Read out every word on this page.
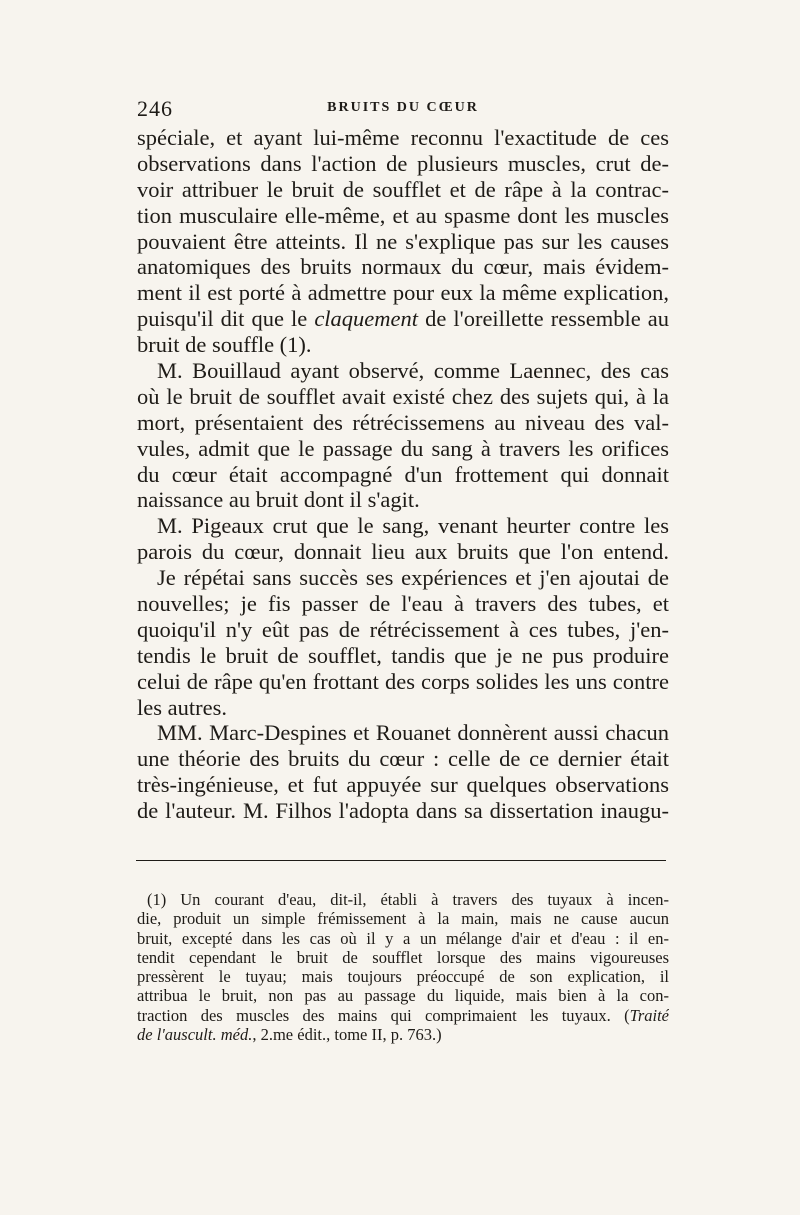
246	BRUITS DU CŒUR

spéciale, et ayant lui-même reconnu l'exactitude de ces
observations dans l'action de plusieurs muscles, crut de-
voir attribuer le bruit de soufflet et de râpe à la contrac-
tion musculaire elle-même, et au spasme dont les muscles
pouvaient être atteints. Il ne s'explique pas sur les causes
anatomiques des bruits normaux du cœur, mais évidem-
ment il est porté à admettre pour eux la même explication,
puisqu'il dit que le claquement de l'oreillette ressemble au
bruit de souffle (1).

M. Bouillaud ayant observé, comme Laennec, des cas
où le bruit de soufflet avait existé chez des sujets qui, à la
mort, présentaient des rétrécissemens au niveau des val-
vules, admit que le passage du sang à travers les orifices
du cœur était accompagné d'un frottement qui donnait
naissance au bruit dont il s'agit.

M. Pigeaux crut que le sang, venant heurter contre les
parois du cœur, donnait lieu aux bruits que l'on entend.

Je répétai sans succès ses expériences et j'en ajoutai de
nouvelles; je fis passer de l'eau à travers des tubes, et
quoiqu'il n'y eût pas de rétrécissement à ces tubes, j'en-
tendis le bruit de soufflet, tandis que je ne pus produire
celui de râpe qu'en frottant des corps solides les uns contre
les autres.

MM. Marc-Despines et Rouanet donnèrent aussi chacun
une théorie des bruits du cœur : celle de ce dernier était
très-ingénieuse, et fut appuyée sur quelques observations
de l'auteur. M. Filhos l'adopta dans sa dissertation inaugu-

(1) Un courant d'eau, dit-il, établi à travers des tuyaux à incen-
die, produit un simple frémissement à la main, mais ne cause aucun
bruit, excepté dans les cas où il y a un mélange d'air et d'eau : il en-
tendit cependant le bruit de soufflet lorsque des mains vigoureuses
pressèrent le tuyau; mais toujours préoccupé de son explication, il
attribua le bruit, non pas au passage du liquide, mais bien à la con-
traction des muscles des mains qui comprimaient les tuyaux. (Traité
de l'auscult. méd., 2.me édit., tome II, p. 763.)
